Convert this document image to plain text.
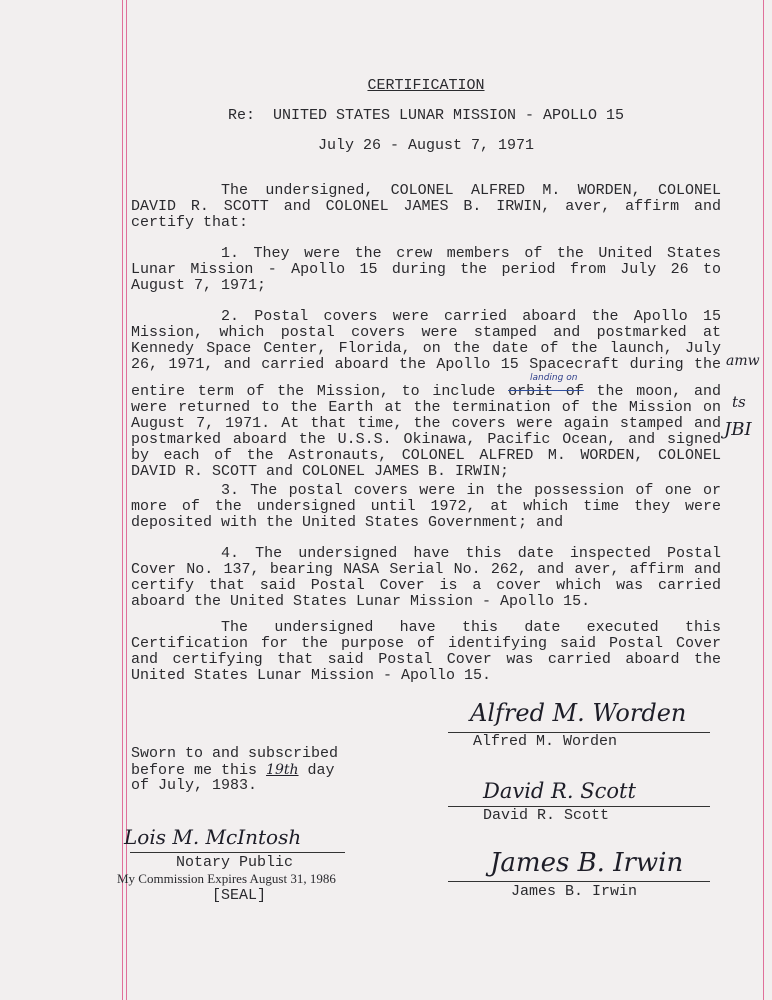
CERTIFICATION
Re:  UNITED STATES LUNAR MISSION - APOLLO 15
July 26 - August 7, 1971
The undersigned, COLONEL ALFRED M. WORDEN, COLONEL
DAVID R. SCOTT and COLONEL JAMES B. IRWIN, aver, affirm and
certify that:
1. They were the crew members of the United States
Lunar Mission - Apollo 15 during the period from July 26 to
August 7, 1971;
2. Postal covers were carried aboard the Apollo 15
Mission, which postal covers were stamped and postmarked at
Kennedy Space Center, Florida, on the date of the launch, July
26, 1971, and carried aboard the Apollo 15 Spacecraft during the
landing on
entire term of the Mission, to include orbit of the moon, and
were returned to the Earth at the termination of the Mission on
August 7, 1971. At that time, the covers were again stamped and
postmarked aboard the U.S.S. Okinawa, Pacific Ocean, and signed
by each of the Astronauts, COLONEL ALFRED M. WORDEN, COLONEL
DAVID R. SCOTT and COLONEL JAMES B. IRWIN;
amw
ts
JBI
3. The postal covers were in the possession of one or
more of the undersigned until 1972, at which time they were
deposited with the United States Government; and
4. The undersigned have this date inspected Postal
Cover No. 137, bearing NASA Serial No. 262, and aver, affirm and
certify that said Postal Cover is a cover which was carried
aboard the United States Lunar Mission - Apollo 15.
The undersigned have this date executed this
Certification for the purpose of identifying said Postal Cover
and certifying that said Postal Cover was carried aboard the
United States Lunar Mission - Apollo 15.
Alfred M. Worden
Alfred M. Worden
David R. Scott
David R. Scott
James B. Irwin
James B. Irwin
Sworn to and subscribed
before me this 19th day
of July, 1983.
Lois M. McIntosh
Notary Public
My Commission Expires August 31, 1986
[SEAL]
